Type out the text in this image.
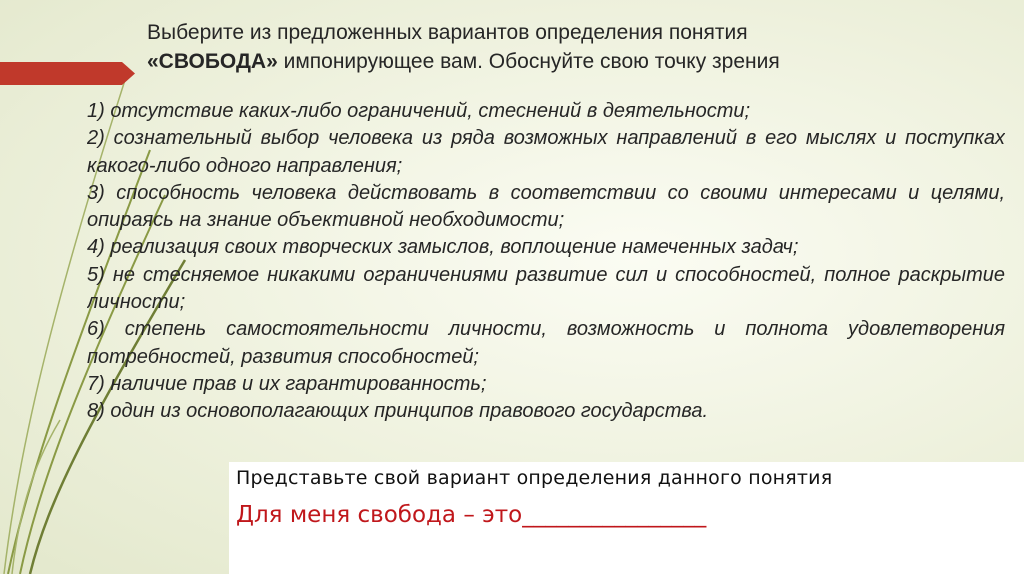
Выберите из предложенных вариантов определения понятия
«СВОБОДА» импонирующее вам. Обоснуйте свою точку зрения
1) отсутствие каких-либо ограничений, стеснений в деятельности;
2) сознательный выбор человека из ряда возможных направлений в его мыслях и поступках какого-либо одного направления;
3) способность человека действовать в соответствии со своими интересами и целями, опираясь на знание объективной необходимости;
4) реализация своих творческих замыслов, воплощение намеченных задач;
5) не стесняемое никакими ограничениями развитие сил и способностей, полное раскрытие личности;
6) степень самостоятельности личности, возможность и полнота удовлетворения потребностей, развития способностей;
7) наличие прав и их гарантированность;
8) один из основополагающих принципов правового государства.
Представьте свой вариант определения данного понятия
Для меня свобода – это________________
